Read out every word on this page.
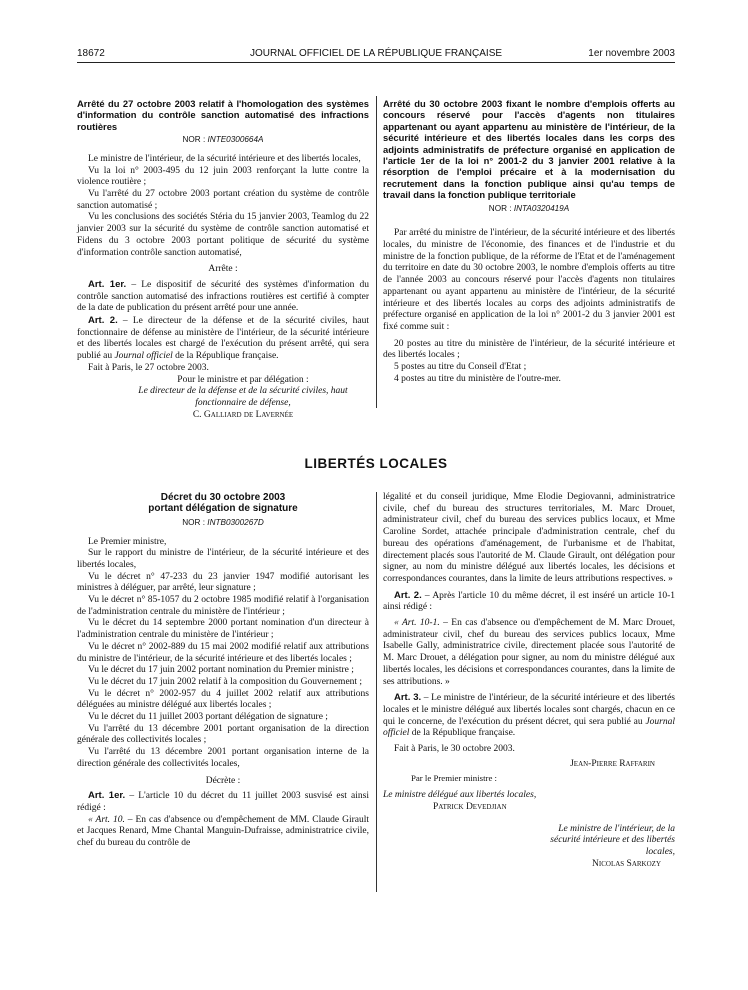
18672	JOURNAL OFFICIEL DE LA RÉPUBLIQUE FRANÇAISE	1er novembre 2003
Arrêté du 27 octobre 2003 relatif à l'homologation des systèmes d'information du contrôle sanction automatisé des infractions routières
NOR : INTE0300664A

Le ministre de l'intérieur, de la sécurité intérieure et des libertés locales,

Vu la loi n° 2003-495 du 12 juin 2003 renforçant la lutte contre la violence routière ;

Vu l'arrêté du 27 octobre 2003 portant création du système de contrôle sanction automatisé ;

Vu les conclusions des sociétés Stéria du 15 janvier 2003, Teamlog du 22 janvier 2003 sur la sécurité du système de contrôle sanction automatisé et Fidens du 3 octobre 2003 portant politique de sécurité du système d'information contrôle sanction automatisé,

Arrête :

Art. 1er. – Le dispositif de sécurité des systèmes d'information du contrôle sanction automatisé des infractions routières est certifié à compter de la date de publication du présent arrêté pour une année.

Art. 2. – Le directeur de la défense et de la sécurité civiles, haut fonctionnaire de défense au ministère de l'intérieur, de la sécurité intérieure et des libertés locales est chargé de l'exécution du présent arrêté, qui sera publié au Journal officiel de la République française.

Fait à Paris, le 27 octobre 2003.

Pour le ministre et par délégation :

Le directeur de la défense et de la sécurité civiles, haut fonctionnaire de défense,

C. Galliard de Lavernée

Arrêté du 30 octobre 2003 fixant le nombre d'emplois offerts au concours réservé pour l'accès d'agents non titulaires appartenant ou ayant appartenu au ministère de l'intérieur, de la sécurité intérieure et des libertés locales dans les corps des adjoints administratifs de préfecture organisé en application de l'article 1er de la loi n° 2001-2 du 3 janvier 2001 relative à la résorption de l'emploi précaire et à la modernisation du recrutement dans la fonction publique ainsi qu'au temps de travail dans la fonction publique territoriale
NOR : INTA0320419A

Par arrêté du ministre de l'intérieur, de la sécurité intérieure et des libertés locales, du ministre de l'économie, des finances et de l'industrie et du ministre de la fonction publique, de la réforme de l'Etat et de l'aménagement du territoire en date du 30 octobre 2003, le nombre d'emplois offerts au titre de l'année 2003 au concours réservé pour l'accès d'agents non titulaires appartenant ou ayant appartenu au ministère de l'intérieur, de la sécurité intérieure et des libertés locales au corps des adjoints administratifs de préfecture organisé en application de la loi n° 2001-2 du 3 janvier 2001 est fixé comme suit :

20 postes au titre du ministère de l'intérieur, de la sécurité intérieure et des libertés locales ;

5 postes au titre du Conseil d'Etat ;

4 postes au titre du ministère de l'outre-mer.

LIBERTÉS LOCALES
Décret du 30 octobre 2003
portant délégation de signature
NOR : INTB0300267D

Le Premier ministre,

Sur le rapport du ministre de l'intérieur, de la sécurité intérieure et des libertés locales,

Vu le décret n° 47-233 du 23 janvier 1947 modifié autorisant les ministres à déléguer, par arrêté, leur signature ;

Vu le décret n° 85-1057 du 2 octobre 1985 modifié relatif à l'organisation de l'administration centrale du ministère de l'intérieur ;

Vu le décret du 14 septembre 2000 portant nomination d'un directeur à l'administration centrale du ministère de l'intérieur ;

Vu le décret n° 2002-889 du 15 mai 2002 modifié relatif aux attributions du ministre de l'intérieur, de la sécurité intérieure et des libertés locales ;

Vu le décret du 17 juin 2002 portant nomination du Premier ministre ;

Vu le décret du 17 juin 2002 relatif à la composition du Gouvernement ;

Vu le décret n° 2002-957 du 4 juillet 2002 relatif aux attributions déléguées au ministre délégué aux libertés locales ;

Vu le décret du 11 juillet 2003 portant délégation de signature ;

Vu l'arrêté du 13 décembre 2001 portant organisation de la direction générale des collectivités locales ;

Vu l'arrêté du 13 décembre 2001 portant organisation interne de la direction générale des collectivités locales,

Décrète :

Art. 1er. – L'article 10 du décret du 11 juillet 2003 susvisé est ainsi rédigé :

« Art. 10. – En cas d'absence ou d'empêchement de MM. Claude Girault et Jacques Renard, Mme Chantal Manguin-Dufraisse, administratrice civile, chef du bureau du contrôle de

légalité et du conseil juridique, Mme Elodie Degiovanni, administratrice civile, chef du bureau des structures territoriales, M. Marc Drouet, administrateur civil, chef du bureau des services publics locaux, et Mme Caroline Sordet, attachée principale d'administration centrale, chef du bureau des opérations d'aménagement, de l'urbanisme et de l'habitat, directement placés sous l'autorité de M. Claude Girault, ont délégation pour signer, au nom du ministre délégué aux libertés locales, les décisions et correspondances courantes, dans la limite de leurs attributions respectives. »

Art. 2. – Après l'article 10 du même décret, il est inséré un article 10-1 ainsi rédigé :

« Art. 10-1. – En cas d'absence ou d'empêchement de M. Marc Drouet, administrateur civil, chef du bureau des services publics locaux, Mme Isabelle Gally, administratrice civile, directement placée sous l'autorité de M. Marc Drouet, a délégation pour signer, au nom du ministre délégué aux libertés locales, les décisions et correspondances courantes, dans la limite de ses attributions. »

Art. 3. – Le ministre de l'intérieur, de la sécurité intérieure et des libertés locales et le ministre délégué aux libertés locales sont chargés, chacun en ce qui le concerne, de l'exécution du présent décret, qui sera publié au Journal officiel de la République française.

Fait à Paris, le 30 octobre 2003.

Jean-Pierre Raffarin

Par le Premier ministre :

Le ministre délégué aux libertés locales,

Patrick Devedjian

Le ministre de l'intérieur, de la sécurité intérieure et des libertés locales,

Nicolas Sarkozy
